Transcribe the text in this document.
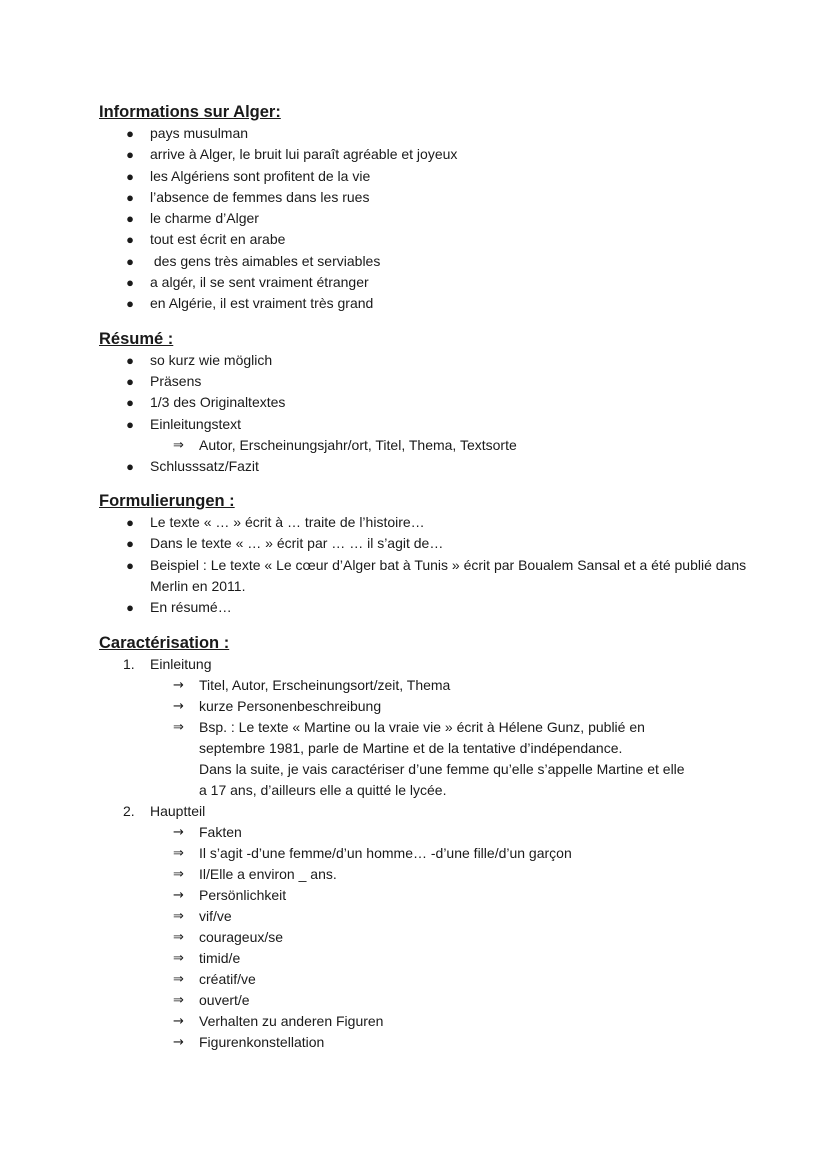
Informations sur Alger:
● pays musulman
● arrive à Alger, le bruit lui paraît agréable et joyeux
● les Algériens sont profitent de la vie
● l’absence de femmes dans les rues
● le charme d’Alger
● tout est écrit en arabe
● des gens très aimables et serviables
● a algér, il se sent vraiment étranger
● en Algérie, il est vraiment très grand
Résumé :
● so kurz wie möglich
● Präsens
● 1/3 des Originaltextes
● Einleitungstext
⇒	Autor, Erscheinungsjahr/ort, Titel, Thema, Textsorte
● Schlusssatz/Fazit
Formulierungen :
● Le texte « … » écrit à … traite de l’histoire…
● Dans le texte « … » écrit par … … il s’agit de…
● Beispiel : Le texte « Le cœur d’Alger bat à Tunis » écrit par Boualem Sansal et a été publié dans Merlin en 2011.
● En résumé…
Caractérisation :
1. Einleitung
→	Titel, Autor, Erscheinungsort/zeit, Thema
→	kurze Personenbeschreibung
⇒	Bsp. : Le texte « Martine ou la vraie vie » écrit à Hélene Gunz, publié en
septembre 1981, parle de Martine et de la tentative d’indépendance.
Dans la suite, je vais caractériser d’une femme qu’elle s’appelle Martine et elle
a 17 ans, d’ailleurs elle a quitté le lycée.
2. Hauptteil
→	Fakten
⇒	Il s’agit -d’une femme/d’un homme… -d’une fille/d’un garçon
⇒	Il/Elle a environ _ ans.
→	Persönlichkeit
⇒	vif/ve
⇒	courageux/se
⇒	timid/e
⇒	créatif/ve
⇒	ouvert/e
→	Verhalten zu anderen Figuren
→	Figurenkonstellation
